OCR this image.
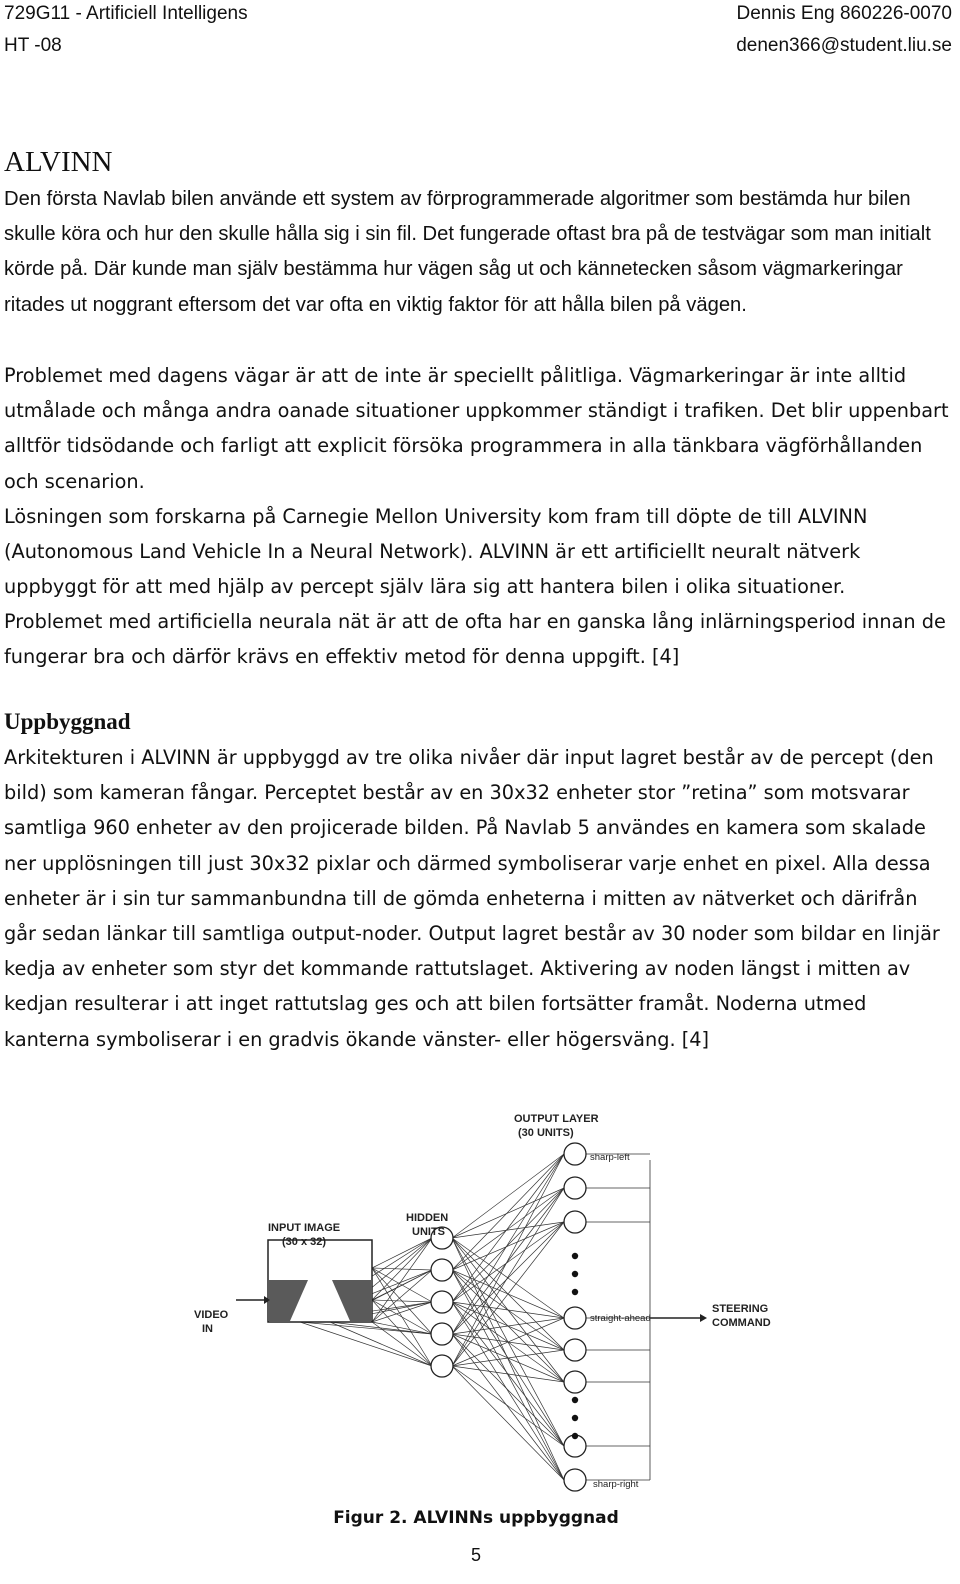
729G11 - Artificiell Intelligens
HT -08
Dennis Eng 860226-0070
denen366@student.liu.se
ALVINN

Den första Navlab bilen använde ett system av förprogrammerade algoritmer som bestämda hur bilen skulle köra och hur den skulle hålla sig i sin fil. Det fungerade oftast bra på de testvägar som man initialt körde på. Där kunde man själv bestämma hur vägen såg ut och kännetecken såsom vägmarkeringar ritades ut noggrant eftersom det var ofta en viktig faktor för att hålla bilen på vägen.

Problemet med dagens vägar är att de inte är speciellt pålitliga. Vägmarkeringar är inte alltid utmålade och många andra oanade situationer uppkommer ständigt i trafiken. Det blir uppenbart alltför tidsödande och farligt att explicit försöka programmera in alla tänkbara vägförhållanden och scenarion.

Lösningen som forskarna på Carnegie Mellon University kom fram till döpte de till ALVINN (Autonomous Land Vehicle In a Neural Network). ALVINN är ett artificiellt neuralt nätverk uppbyggt för att med hjälp av percept själv lära sig att hantera bilen i olika situationer.

Problemet med artificiella neurala nät är att de ofta har en ganska lång inlärningsperiod innan de fungerar bra och därför krävs en effektiv metod för denna uppgift. [4]

Uppbyggnad

Arkitekturen i ALVINN är uppbyggd av tre olika nivåer där input lagret består av de percept (den bild) som kameran fångar. Perceptet består av en 30x32 enheter stor ”retina” som motsvarar samtliga 960 enheter av den projicerade bilden. På Navlab 5 användes en kamera som skalade ner upplösningen till just 30x32 pixlar och därmed symboliserar varje enhet en pixel. Alla dessa enheter är i sin tur sammanbundna till de gömda enheterna i mitten av nätverket och därifrån går sedan länkar till samtliga output-noder. Output lagret består av 30 noder som bildar en linjär kedja av enheter som styr det kommande rattutslaget. Aktivering av noden längst i mitten av kedjan resulterar i att inget rattutslag ges och att bilen fortsätter framåt. Noderna utmed kanterna symboliserar i en gradvis ökande vänster- eller högersväng. [4]

OUTPUT LAYER
(30 UNITS)
HIDDEN
UNITS
INPUT IMAGE
(30 x 32)
VIDEO
IN
STEERING
COMMAND
sharp-left
straight-ahead
sharp-right
Figur 2. ALVINNs uppbyggnad
5
